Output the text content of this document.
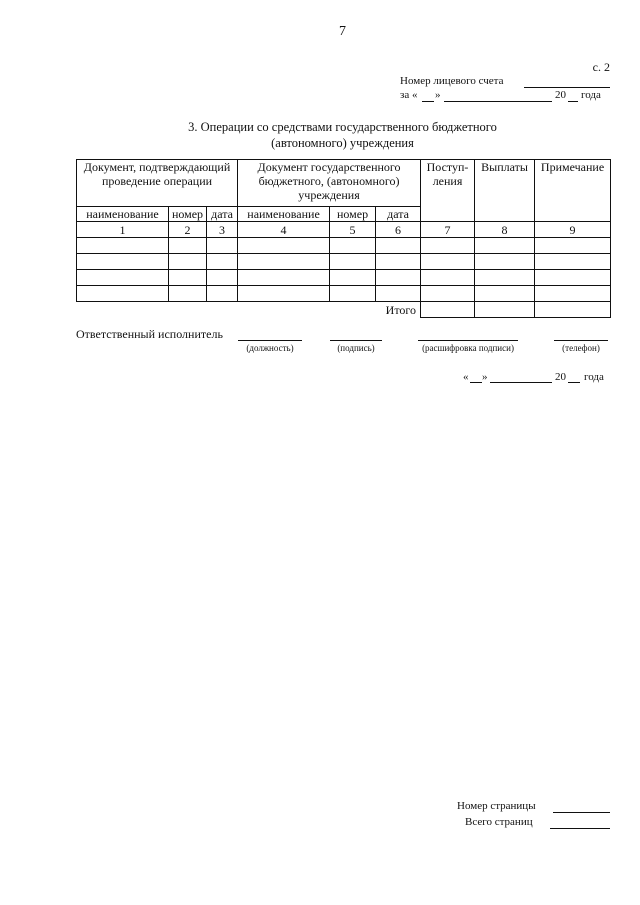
7
с. 2
Номер лицевого счета
за « »	20 года
3. Операции со средствами государственного бюджетного
(автономного) учреждения
Документ, подтверждающий проведение операции			Документ государственного бюджетного, (автономного) учреждения			Поступ-ления	Выплаты	Примечание
наименование	номер	дата	наименование	номер	дата			
1	2	3	4	5	6	7	8	9

Итого								
Ответственный исполнитель
(должность)	(подпись)	(расшифровка подписи)	(телефон)
« »	20 года
Номер страницы
Всего страниц
